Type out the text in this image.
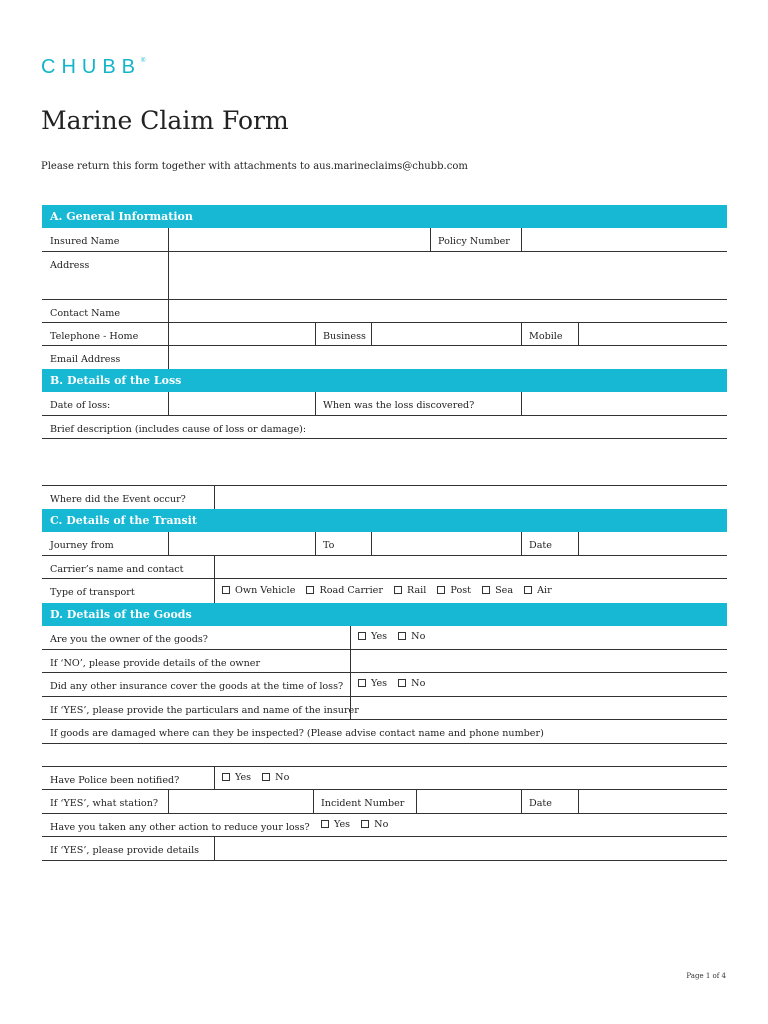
CHUBB®
Marine Claim Form
Please return this form together with attachments to aus.marineclaims@chubb.com
A. General Information
Insured Name	Policy Number
Address
Contact Name
Telephone - Home	Business	Mobile
Email Address
B. Details of the Loss
Date of loss:	When was the loss discovered?
Brief description (includes cause of loss or damage):
Where did the Event occur?
C. Details of the Transit
Journey from	To	Date
Carrier’s name and contact
Type of transport	Own Vehicle	Road Carrier	Rail	Post	Sea	Air
D. Details of the Goods
Are you the owner of the goods?	Yes	No
If ‘NO’, please provide details of the owner
Did any other insurance cover the goods at the time of loss?	Yes	No
If ‘YES’, please provide the particulars and name of the insurer
If goods are damaged where can they be inspected? (Please advise contact name and phone number)
Have Police been notified?	Yes	No
If ‘YES’, what station?	Incident Number	Date
Have you taken any other action to reduce your loss?	Yes	No
If ‘YES’, please provide details
Page 1 of 4
